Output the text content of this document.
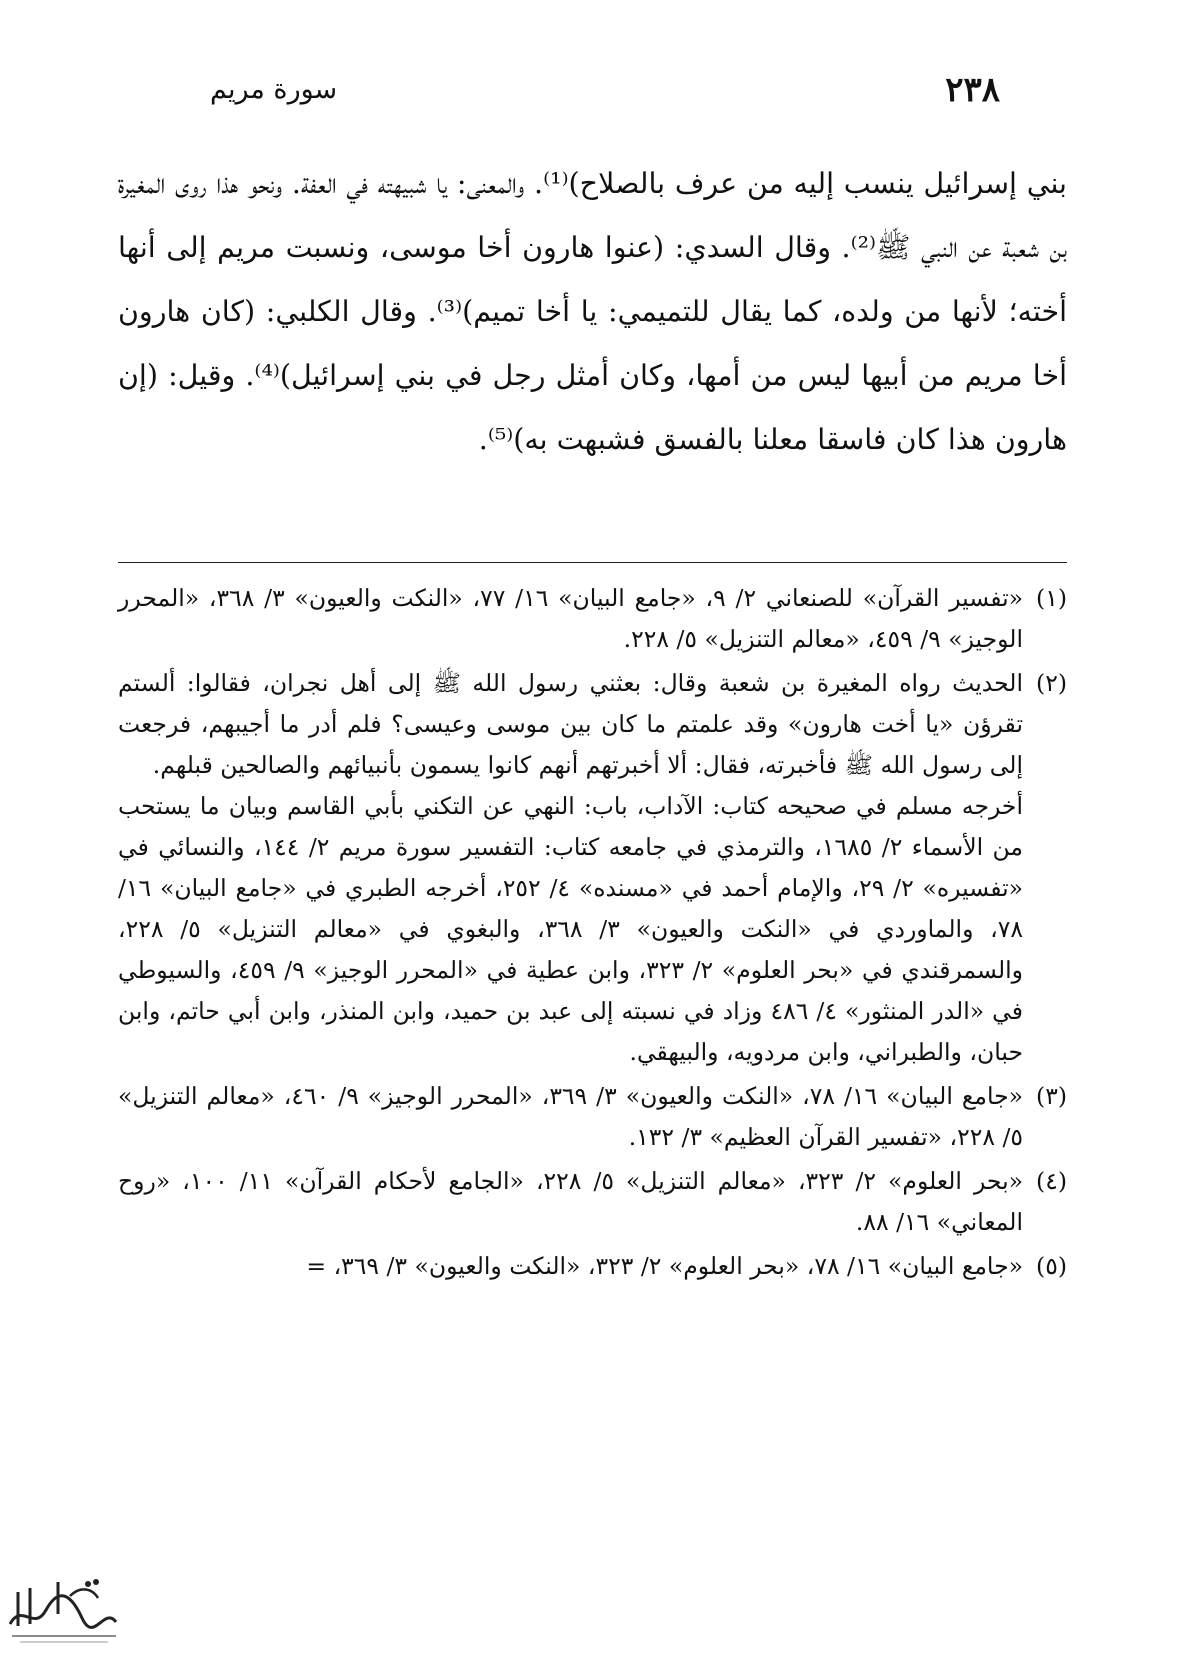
سورة مريم	٢٣٨
بني إسرائيل ينسب إليه من عرف بالصلاح)⁽¹⁾. والمعنى: يا شبيهته في العفة. ونحو هذا روى المغيرة بن شعبة عن النبي ﷺ⁽²⁾. وقال السدي: (عنوا هارون أخا موسى، ونسبت مريم إلى أنها أخته؛ لأنها من ولده، كما يقال للتميمي: يا أخا تميم)⁽³⁾. وقال الكلبي: (كان هارون أخا مريم من أبيها ليس من أمها، وكان أمثل رجل في بني إسرائيل)⁽⁴⁾. وقيل: (إن هارون هذا كان فاسقا معلنا بالفسق فشبهت به)⁽⁵⁾.
(١)
«تفسير القرآن» للصنعاني ٢/ ٩، «جامع البيان» ١٦/ ٧٧، «النكت والعيون» ٣/ ٣٦٨، «المحرر الوجيز» ٩/ ٤٥٩، «معالم التنزيل» ٥/ ٢٢٨.
(٢)
الحديث رواه المغيرة بن شعبة وقال: بعثني رسول الله ﷺ إلى أهل نجران، فقالوا: ألستم تقرؤن «يا أخت هارون» وقد علمتم ما كان بين موسى وعيسى؟ فلم أدر ما أجيبهم، فرجعت إلى رسول الله ﷺ فأخبرته، فقال: ألا أخبرتهم أنهم كانوا يسمون بأنبيائهم والصالحين قبلهم.
أخرجه مسلم في صحيحه كتاب: الآداب، باب: النهي عن التكني بأبي القاسم وبيان ما يستحب من الأسماء ٢/ ١٦٨٥، والترمذي في جامعه كتاب: التفسير سورة مريم ٢/ ١٤٤، والنسائي في «تفسيره» ٢/ ٢٩، والإمام أحمد في «مسنده» ٤/ ٢٥٢، أخرجه الطبري في «جامع البيان» ١٦/ ٧٨، والماوردي في «النكت والعيون» ٣/ ٣٦٨، والبغوي في «معالم التنزيل» ٥/ ٢٢٨، والسمرقندي في «بحر العلوم» ٢/ ٣٢٣، وابن عطية في «المحرر الوجيز» ٩/ ٤٥٩، والسيوطي في «الدر المنثور» ٤/ ٤٨٦ وزاد في نسبته إلى عبد بن حميد، وابن المنذر، وابن أبي حاتم، وابن حبان، والطبراني، وابن مردويه، والبيهقي.
(٣)
«جامع البيان» ١٦/ ٧٨، «النكت والعيون» ٣/ ٣٦٩، «المحرر الوجيز» ٩/ ٤٦٠، «معالم التنزيل» ٥/ ٢٢٨، «تفسير القرآن العظيم» ٣/ ١٣٢.
(٤)
«بحر العلوم» ٢/ ٣٢٣، «معالم التنزيل» ٥/ ٢٢٨، «الجامع لأحكام القرآن» ١١/ ١٠٠، «روح المعاني» ١٦/ ٨٨.
(٥)
«جامع البيان» ١٦/ ٧٨، «بحر العلوم» ٢/ ٣٢٣، «النكت والعيون» ٣/ ٣٦٩، =
